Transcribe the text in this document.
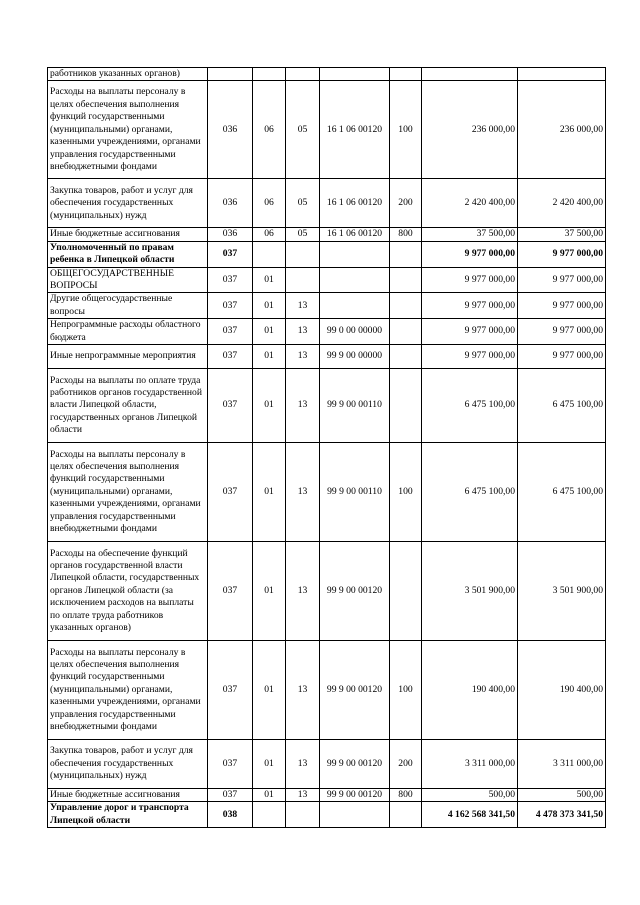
работников указанных органов)							
Расходы на выплаты персоналу в целях обеспечения выполнения функций государственными (муниципальными) органами, казенными учреждениями, органами управления государственными внебюджетными фондами	036	06	05	16 1 06 00120	100	236 000,00	236 000,00
Закупка товаров, работ и услуг для обеспечения государственных (муниципальных) нужд	036	06	05	16 1 06 00120	200	2 420 400,00	2 420 400,00
Иные бюджетные ассигнования	036	06	05	16 1 06 00120	800	37 500,00	37 500,00
Уполномоченный по правам ребенка в Липецкой области	037					9 977 000,00	9 977 000,00
ОБЩЕГОСУДАРСТВЕННЫЕ ВОПРОСЫ	037	01				9 977 000,00	9 977 000,00
Другие общегосударственные вопросы	037	01	13			9 977 000,00	9 977 000,00
Непрограммные расходы областного бюджета	037	01	13	99 0 00 00000		9 977 000,00	9 977 000,00
Иные непрограммные мероприятия	037	01	13	99 9 00 00000		9 977 000,00	9 977 000,00
Расходы на выплаты по оплате труда работников органов государственной власти Липецкой области, государственных органов Липецкой области	037	01	13	99 9 00 00110		6 475 100,00	6 475 100,00
Расходы на выплаты персоналу в целях обеспечения выполнения функций государственными (муниципальными) органами, казенными учреждениями, органами управления государственными внебюджетными фондами	037	01	13	99 9 00 00110	100	6 475 100,00	6 475 100,00
Расходы на обеспечение функций органов государственной власти Липецкой области, государственных органов Липецкой области (за исключением расходов на выплаты по оплате труда работников указанных органов)	037	01	13	99 9 00 00120		3 501 900,00	3 501 900,00
Расходы на выплаты персоналу в целях обеспечения выполнения функций государственными (муниципальными) органами, казенными учреждениями, органами управления государственными внебюджетными фондами	037	01	13	99 9 00 00120	100	190 400,00	190 400,00
Закупка товаров, работ и услуг для обеспечения государственных (муниципальных) нужд	037	01	13	99 9 00 00120	200	3 311 000,00	3 311 000,00
Иные бюджетные ассигнования	037	01	13	99 9 00 00120	800	500,00	500,00
Управление дорог и транспорта Липецкой области	038					4 162 568 341,50	4 478 373 341,50
